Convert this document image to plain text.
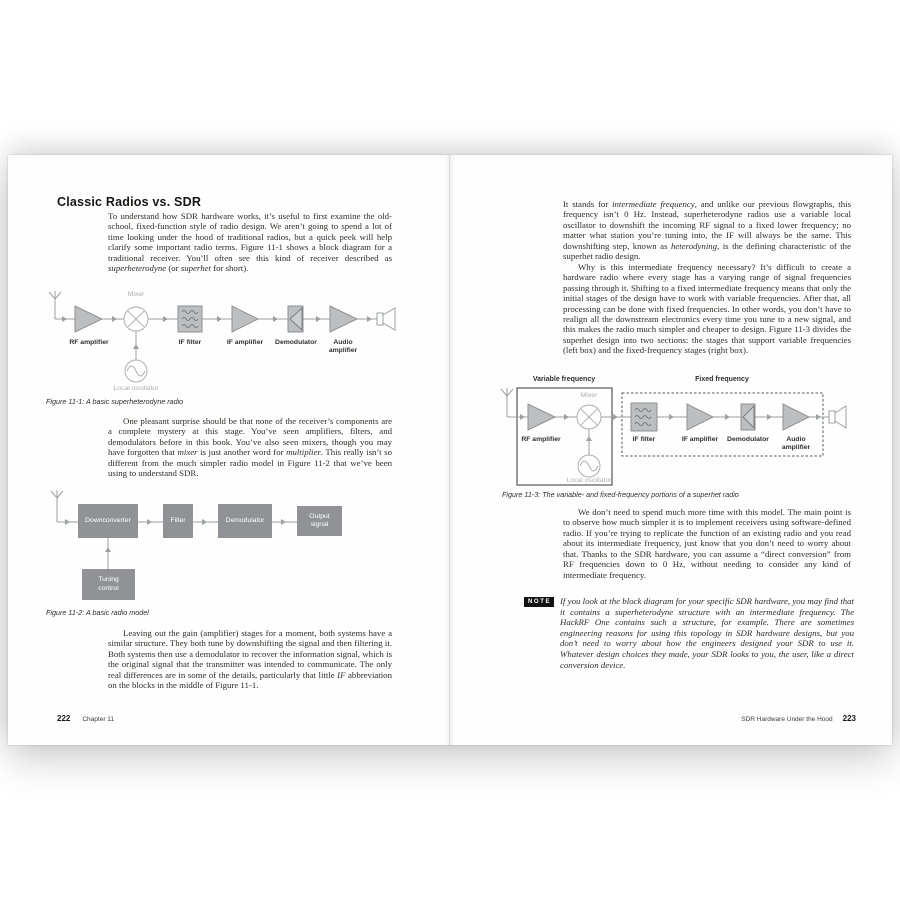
Classic Radios vs. SDR

To understand how SDR hardware works, it’s useful to first examine the old-school, fixed-function style of radio design. We aren’t going to spend a lot of time looking under the hood of traditional radios, but a quick peek will help clarify some important radio terms. Figure 11-1 shows a block diagram for a traditional receiver. You’ll often see this kind of receiver described as superheterodyne (or superhet for short).

Mixer
RF amplifier	IF filter	IF amplifier Demodulator	Audio amplifier
Local oscillator
Figure 11-1: A basic superheterodyne radio

One pleasant surprise should be that none of the receiver’s components are a complete mystery at this stage. You’ve seen amplifiers, filters, and demodulators before in this book. You’ve also seen mixers, though you may have forgotten that mixer is just another word for multiplier. This really isn’t so different from the much simpler radio model in Figure 11-2 that we’ve been using to understand SDR.

Downconverter	Filter	Demodulator
Output signal
Tuning control
Figure 11-2: A basic radio model

Leaving out the gain (amplifier) stages for a moment, both systems have a similar structure. They both tune by downshifting the signal and then filtering it. Both systems then use a demodulator to recover the information signal, which is the original signal that the transmitter was intended to communicate. The only real differences are in some of the details, particularly that little IF abbreviation on the blocks in the middle of Figure 11-1.

222 Chapter 11

It stands for intermediate frequency, and unlike our previous flowgraphs, this frequency isn’t 0 Hz. Instead, superheterodyne radios use a variable local oscillator to downshift the incoming RF signal to a fixed lower frequency; no matter what station you’re tuning into, the IF will always be the same. This downshifting step, known as heterodyning, is the defining characteristic of the superhet radio design.

Why is this intermediate frequency necessary? It’s difficult to create a hardware radio where every stage has a varying range of signal frequencies passing through it. Shifting to a fixed intermediate frequency means that only the initial stages of the design have to work with variable frequencies. After that, all processing can be done with fixed frequencies. In other words, you don’t have to realign all the downstream electronics every time you tune to a new signal, and this makes the radio much simpler and cheaper to design. Figure 11-3 divides the superhet design into two sections: the stages that support variable frequencies (left box) and the fixed-frequency stages (right box).

Variable frequency	Fixed frequency
Mixer
RF amplifier	IF filter	IF amplifier Demodulator	Audio amplifier
Local oscillator
Figure 11-3: The variable- and fixed-frequency portions of a superhet radio

We don’t need to spend much more time with this model. The main point is to observe how much simpler it is to implement receivers using software-defined radio. If you’re trying to replicate the function of an existing radio and you read about its intermediate frequency, just know that you don’t need to worry about that. Thanks to the SDR hardware, you can assume a “direct conversion” from RF frequencies down to 0 Hz, without needing to consider any kind of intermediate frequency.

NOTE	If you look at the block diagram for your specific SDR hardware, you may find that it contains a superheterodyne structure with an intermediate frequency. The HackRF One contains such a structure, for example. There are sometimes engineering reasons for using this topology in SDR hardware designs, but you don’t need to worry about how the engineers designed your SDR to use it. Whatever design choices they made, your SDR looks to you, the user, like a direct conversion device.
SDR Hardware Under the Hood 223
